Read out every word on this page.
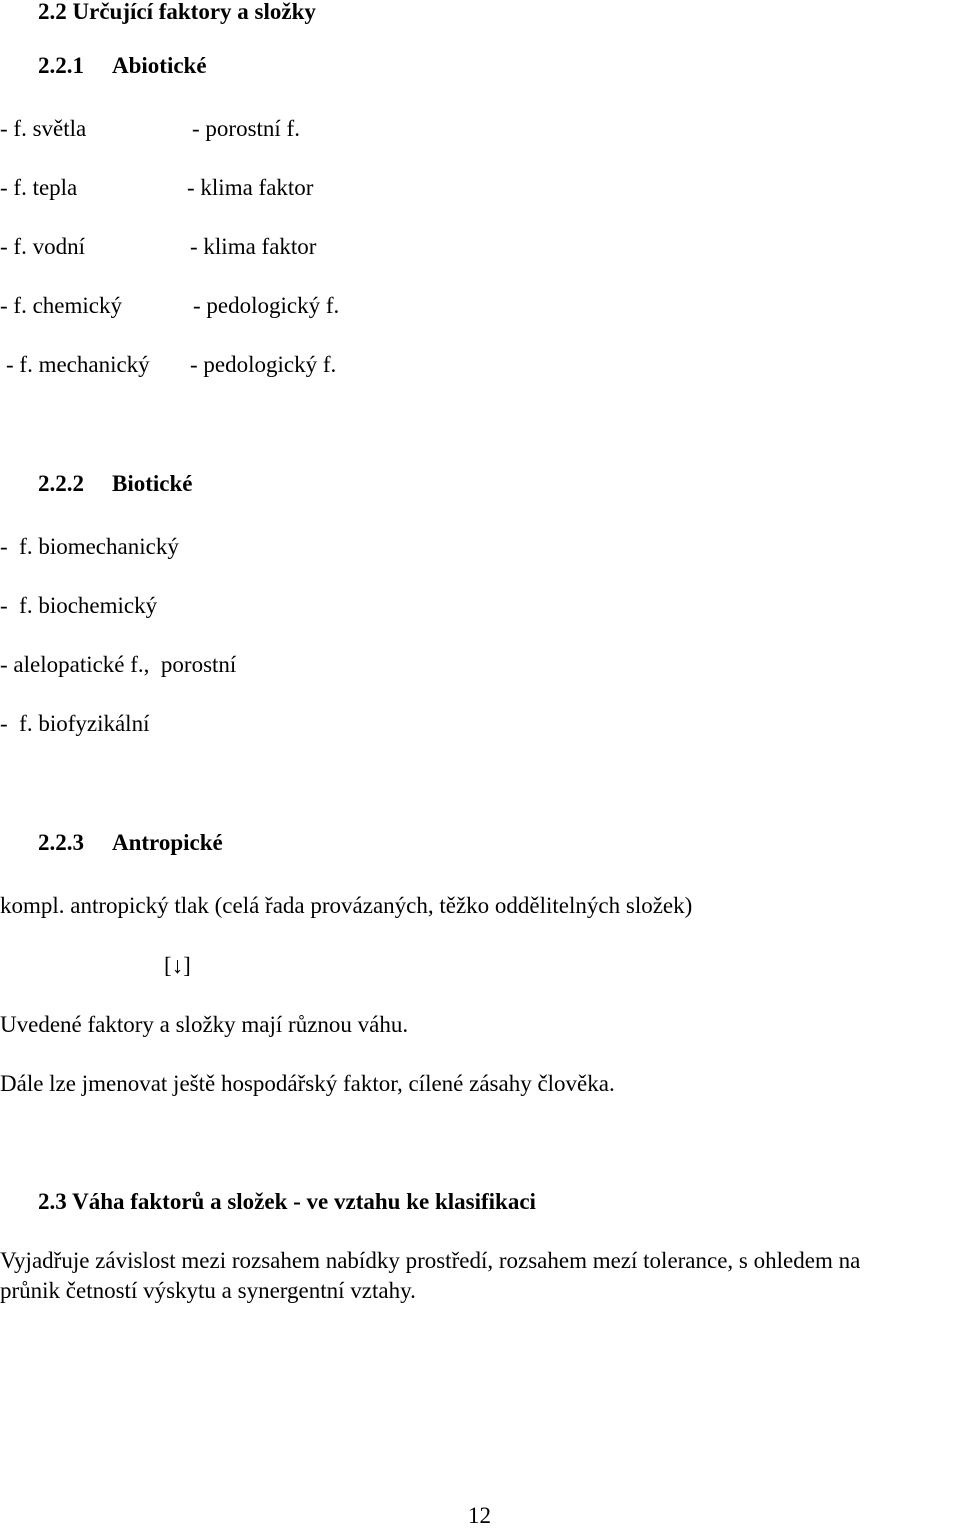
2.2 Určující faktory a složky
2.2.1 Abiotické
- f. světla	- porostní f.
- f. tepla	- klima faktor
- f. vodní	- klima faktor
- f. chemický	- pedologický f.
- f. mechanický - pedologický f.
2.2.2 Biotické
-  f. biomechanický
-  f. biochemický
- alelopatické f.,  porostní
-  f. biofyzikální
2.2.3 Antropické
kompl. antropický tlak (celá řada provázaných, těžko oddělitelných složek)
[↓]
Uvedené faktory a složky mají různou váhu.
Dále lze jmenovat ještě hospodářský faktor, cílené zásahy člověka.
2.3 Váha faktorů a složek - ve vztahu ke klasifikaci
Vyjadřuje závislost mezi rozsahem nabídky prostředí, rozsahem mezí tolerance, s ohledem na
průnik četností výskytu a synergentní vztahy.
12
